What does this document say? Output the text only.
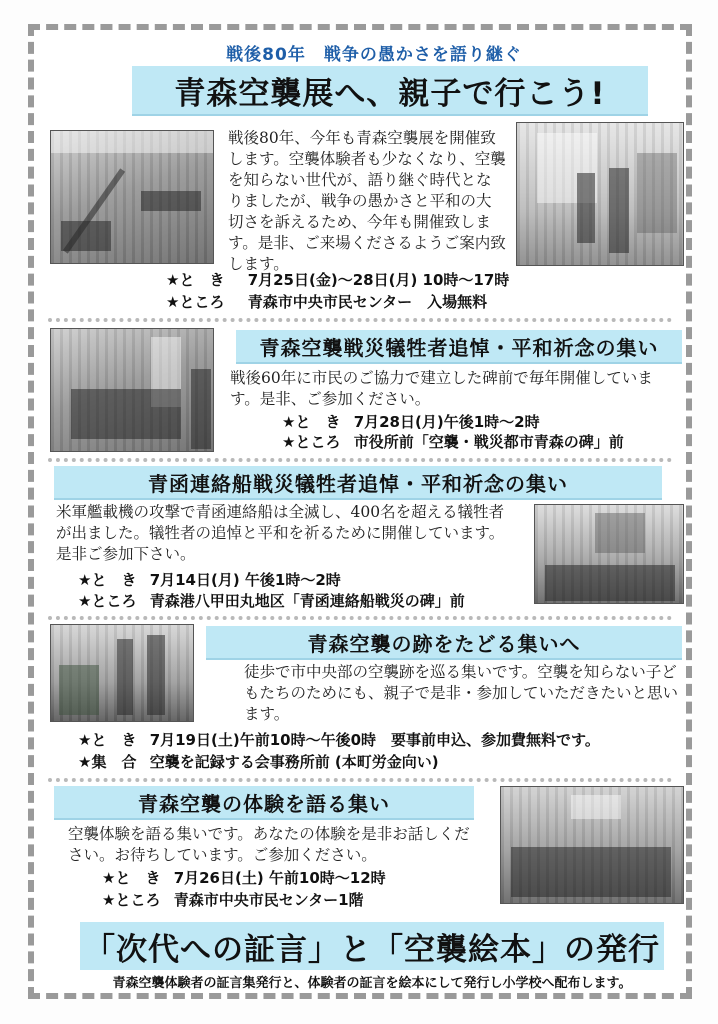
戦後80年　戦争の愚かさを語り継ぐ
青森空襲展へ、親子で行こう!
戦後80年、今年も青森空襲展を開催致します。空襲体験者も少なくなり、空襲を知らない世代が、語り継ぐ時代となりましたが、戦争の愚かさと平和の大切さを訴えるため、今年も開催致します。是非、ご来場くださるようご案内致します。
★と　き 7月25日(金)～28日(月) 10時～17時
★ところ 青森市中央市民センター　入場無料
青森空襲戦災犠牲者追悼・平和祈念の集い
戦後60年に市民のご協力で建立した碑前で毎年開催しています。是非、ご参加ください。
★と　き 7月28日(月)午後1時～2時
★ところ 市役所前「空襲・戦災都市青森の碑」前
青函連絡船戦災犠牲者追悼・平和祈念の集い
米軍艦載機の攻撃で青函連絡船は全滅し、400名を超える犠牲者が出ました。犠牲者の追悼と平和を祈るために開催しています。是非ご参加下さい。
★と　き 7月14日(月) 午後1時～2時
★ところ 青森港八甲田丸地区「青函連絡船戦災の碑」前
青森空襲の跡をたどる集いへ
徒歩で市中央部の空襲跡を巡る集いです。空襲を知らない子どもたちのためにも、親子で是非・参加していただきたいと思います。
★と　き 7月19日(土)午前10時～午後0時　要事前申込、参加費無料です。
★集　合 空襲を記録する会事務所前 (本町労金向い)
青森空襲の体験を語る集い
空襲体験を語る集いです。あなたの体験を是非お話しください。お待ちしています。ご参加ください。
★と　き 7月26日(土) 午前10時～12時
★ところ 青森市中央市民センター1階
「次代への証言」と「空襲絵本」の発行
青森空襲体験者の証言集発行と、体験者の証言を絵本にして発行し小学校へ配布します。
